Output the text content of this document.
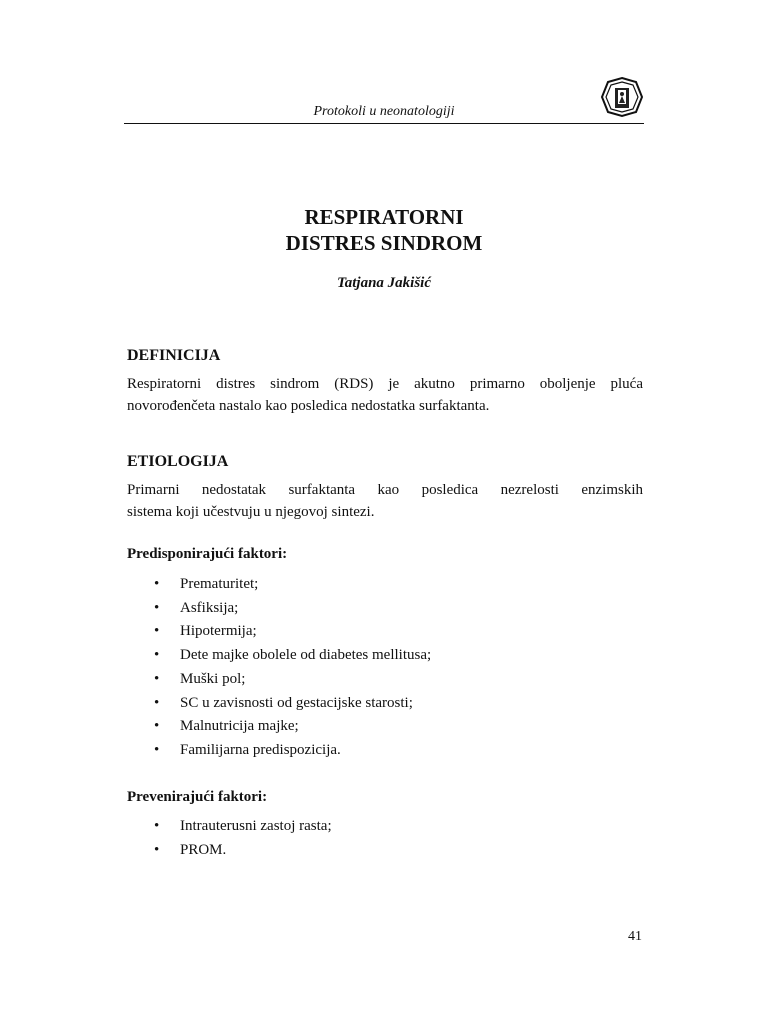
Protokoli u neonatologiji
RESPIRATORNI
DISTRES SINDROM
Tatjana Jakišić
DEFINICIJA
Respiratorni distres sindrom (RDS) je akutno primarno oboljenje pluća
novorođenčeta nastalo kao posledica nedostatka surfaktanta.
ETIOLOGIJA
Primarni nedostatak surfaktanta kao posledica nezrelosti enzimskih
sistema koji učestvuju u njegovoj sintezi.
Predisponirajući faktori:
• Prematuritet;
• Asfiksija;
• Hipotermija;
• Dete majke obolele od diabetes mellitusa;
• Muški pol;
• SC u zavisnosti od gestacijske starosti;
• Malnutricija majke;
• Familijarna predispozicija.
Prevenirajući faktori:
• Intrauterusni zastoj rasta;
• PROM.
41
